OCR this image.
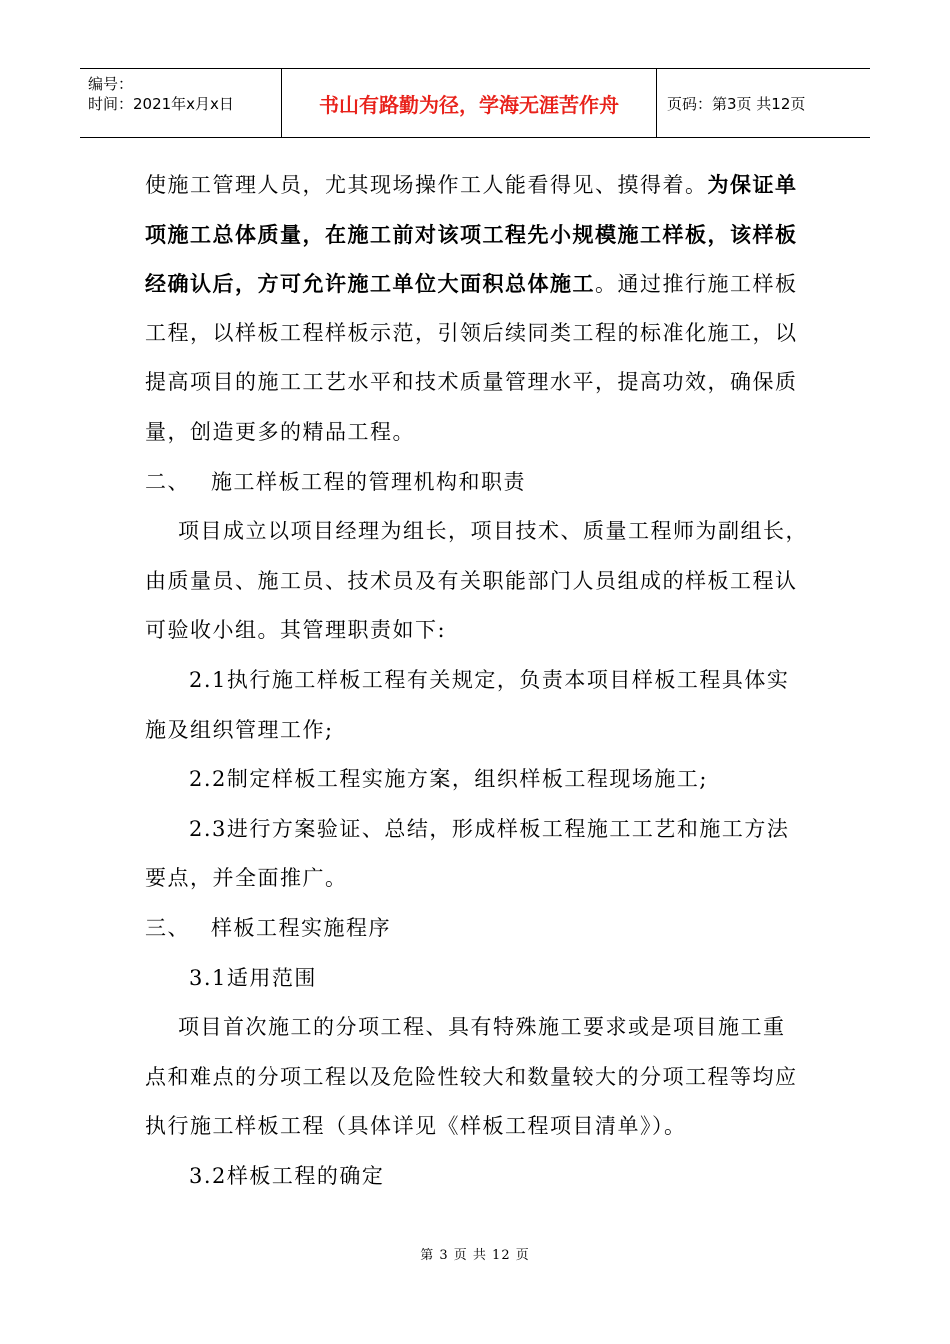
编号：
时间：2021年x月x日	书山有路勤为径，学海无涯苦作舟	页码：第3页 共12页
使施工管理人员，尤其现场操作工人能看得见、摸得着。为保证单
项施工总体质量，在施工前对该项工程先小规模施工样板，该样板
经确认后，方可允许施工单位大面积总体施工。通过推行施工样板
工程，以样板工程样板示范，引领后续同类工程的标准化施工，以
提高项目的施工工艺水平和技术质量管理水平，提高功效，确保质
量，创造更多的精品工程。
二、 施工样板工程的管理机构和职责
项目成立以项目经理为组长，项目技术、质量工程师为副组长，
由质量员、施工员、技术员及有关职能部门人员组成的样板工程认
可验收小组。其管理职责如下:
2.1执行施工样板工程有关规定，负责本项目样板工程具体实
施及组织管理工作;
2.2制定样板工程实施方案，组织样板工程现场施工;
2.3进行方案验证、总结，形成样板工程施工工艺和施工方法
要点，并全面推广。
三、 样板工程实施程序
3.1适用范围
项目首次施工的分项工程、具有特殊施工要求或是项目施工重
点和难点的分项工程以及危险性较大和数量较大的分项工程等均应
执行施工样板工程（具体详见《样板工程项目清单》）。
3.2样板工程的确定
第 3 页 共 12 页
